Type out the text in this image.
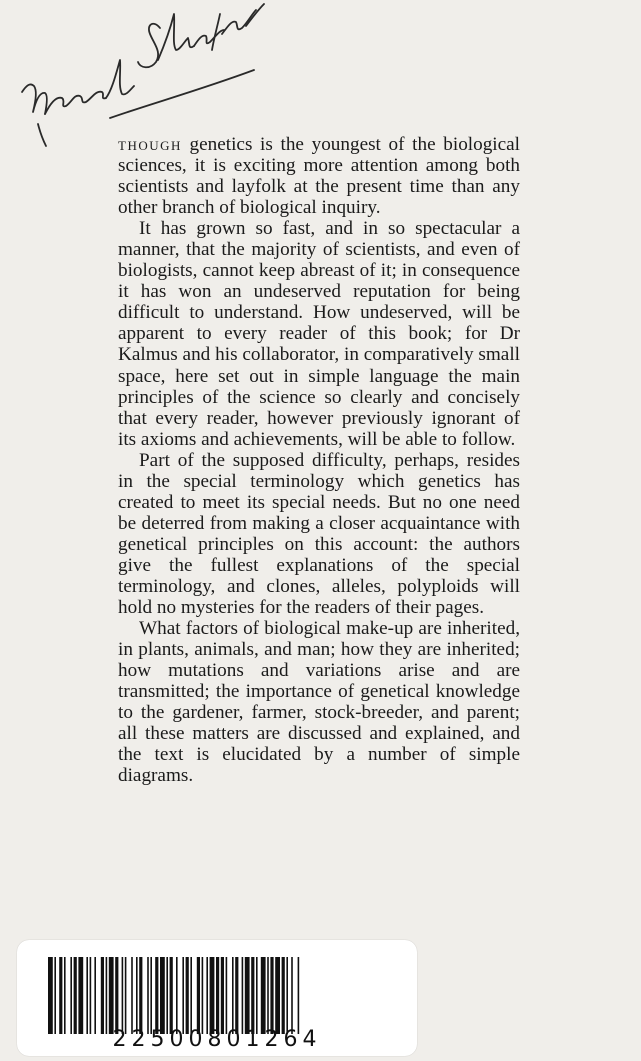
though genetics is the youngest of the biological sciences, it is exciting more attention among both scientists and layfolk at the present time than any other branch of biological inquiry.

It has grown so fast, and in so spectacular a manner, that the majority of scientists, and even of biologists, cannot keep abreast of it; in consequence it has won an undeserved reputation for being difficult to understand. How undeserved, will be apparent to every reader of this book; for Dr Kalmus and his collaborator, in comparatively small space, here set out in simple language the main principles of the science so clearly and concisely that every reader, however previously ignorant of its axioms and achievements, will be able to follow.

Part of the supposed difficulty, perhaps, resides in the special terminology which genetics has created to meet its special needs. But no one need be deterred from making a closer acquaintance with genetical principles on this account: the authors give the fullest explanations of the special terminology, and clones, alleles, polyploids will hold no mysteries for the readers of their pages.

What factors of biological make-up are inherited, in plants, animals, and man; how they are inherited; how mutations and variations arise and are transmitted; the importance of genetical knowledge to the gardener, farmer, stock-breeder, and parent; all these matters are discussed and explained, and the text is elucidated by a number of simple diagrams.

22500801264
